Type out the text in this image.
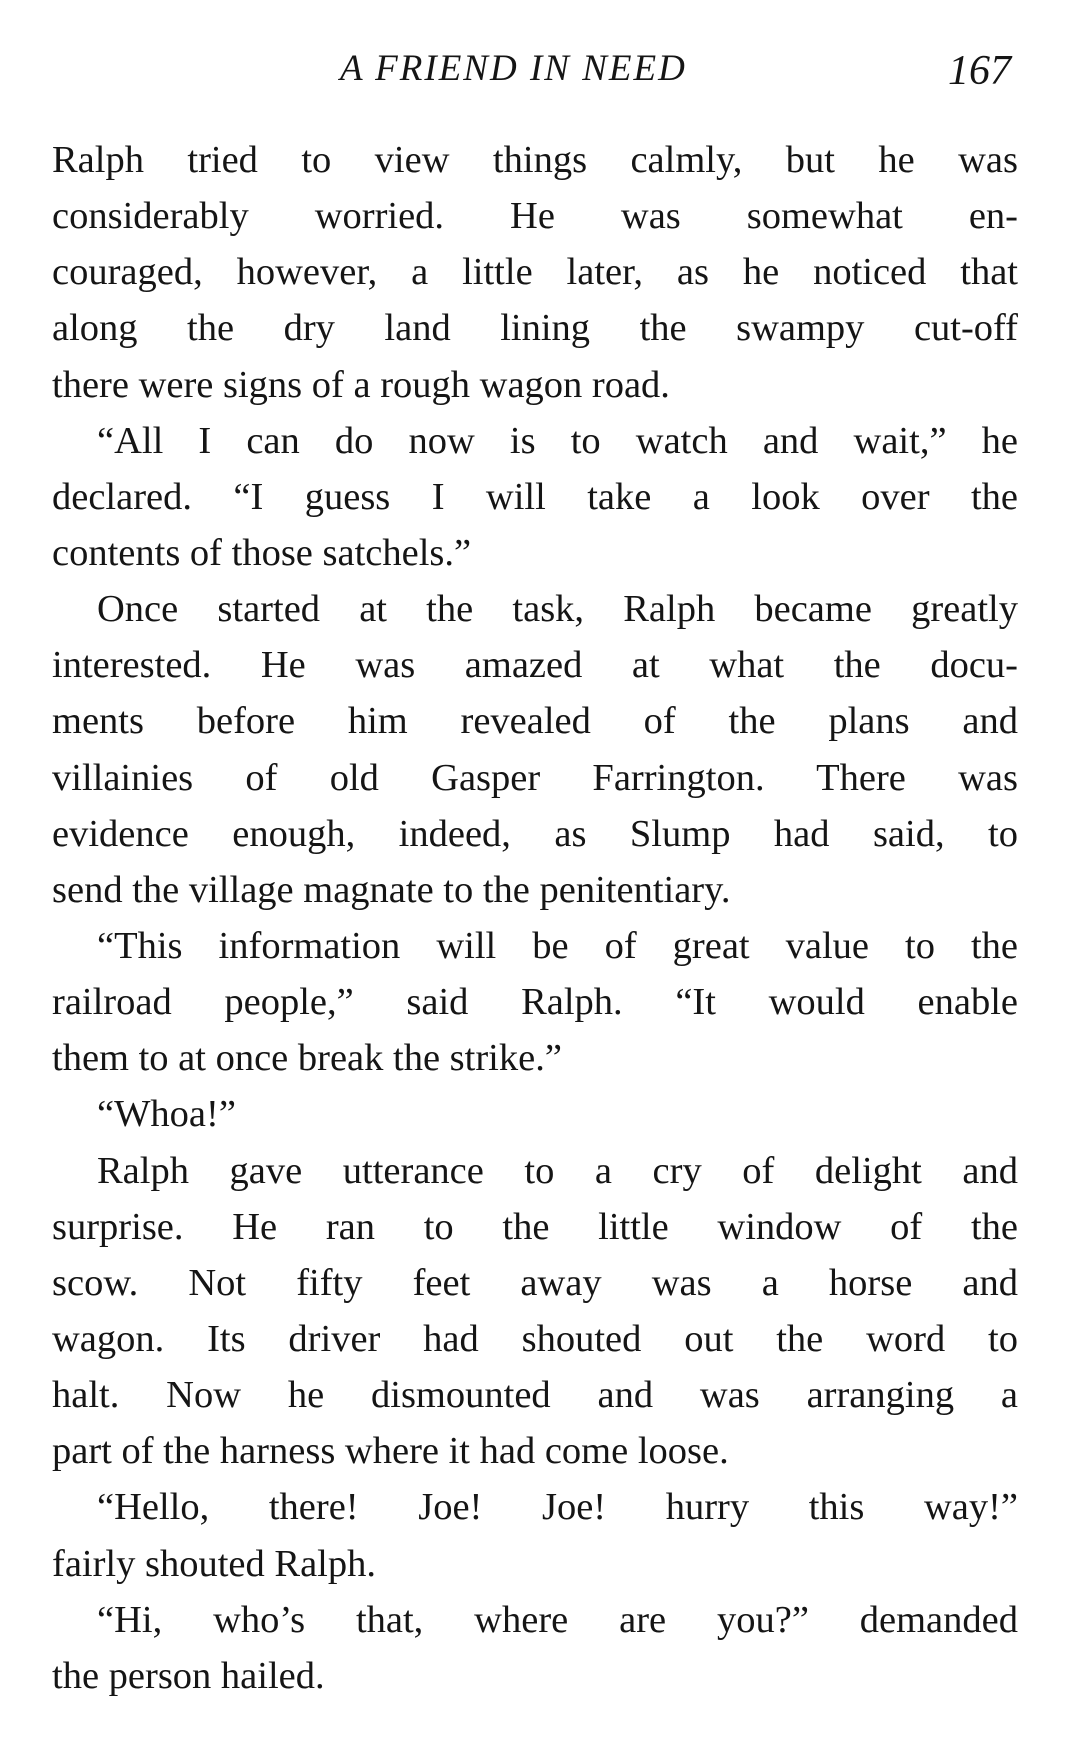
A FRIEND IN NEED	167
Ralph tried to view things calmly, but he was
considerably worried. He was somewhat en-
couraged, however, a little later, as he noticed that
along the dry land lining the swampy cut-off
there were signs of a rough wagon road.
“All I can do now is to watch and wait,” he
declared. “I guess I will take a look over the
contents of those satchels.”
Once started at the task, Ralph became greatly
interested. He was amazed at what the docu-
ments before him revealed of the plans and
villainies of old Gasper Farrington. There was
evidence enough, indeed, as Slump had said, to
send the village magnate to the penitentiary.
“This information will be of great value to the
railroad people,” said Ralph. “It would enable
them to at once break the strike.”
“Whoa!”
Ralph gave utterance to a cry of delight and
surprise. He ran to the little window of the
scow. Not fifty feet away was a horse and
wagon. Its driver had shouted out the word to
halt. Now he dismounted and was arranging a
part of the harness where it had come loose.
“Hello, there! Joe! Joe! hurry this way!”
fairly shouted Ralph.
“Hi, who’s that, where are you?” demanded
the person hailed.
